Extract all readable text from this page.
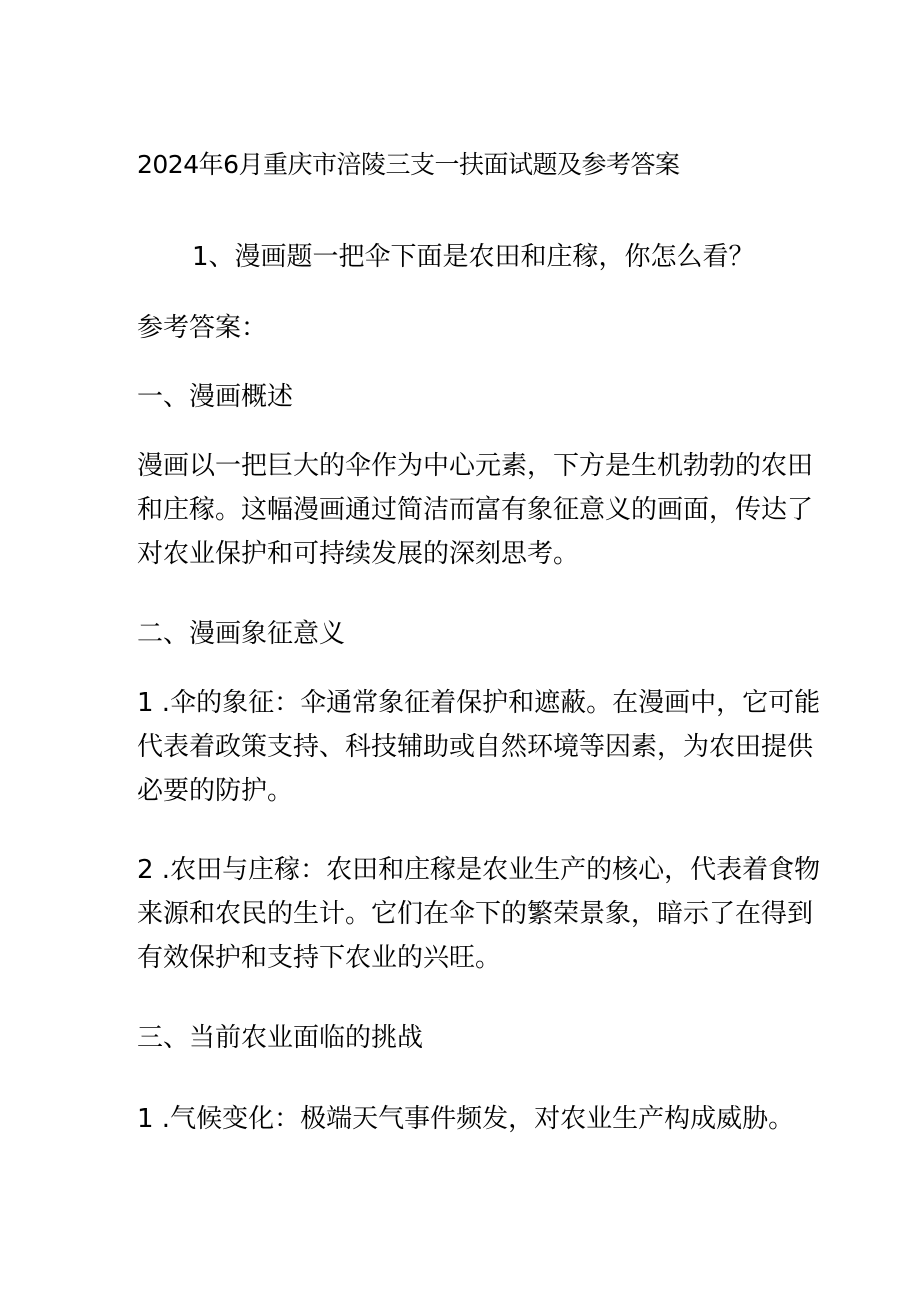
2024年6月重庆市涪陵三支一扶面试题及参考答案
1、漫画题一把伞下面是农田和庄稼，你怎么看？
参考答案：
一、漫画概述
漫画以一把巨大的伞作为中心元素，下方是生机勃勃的农田
和庄稼。这幅漫画通过简洁而富有象征意义的画面，传达了
对农业保护和可持续发展的深刻思考。
二、漫画象征意义
1 .伞的象征：伞通常象征着保护和遮蔽。在漫画中，它可能
代表着政策支持、科技辅助或自然环境等因素，为农田提供
必要的防护。
2 .农田与庄稼：农田和庄稼是农业生产的核心，代表着食物
来源和农民的生计。它们在伞下的繁荣景象，暗示了在得到
有效保护和支持下农业的兴旺。
三、当前农业面临的挑战
1 .气候变化：极端天气事件频发，对农业生产构成威胁。
